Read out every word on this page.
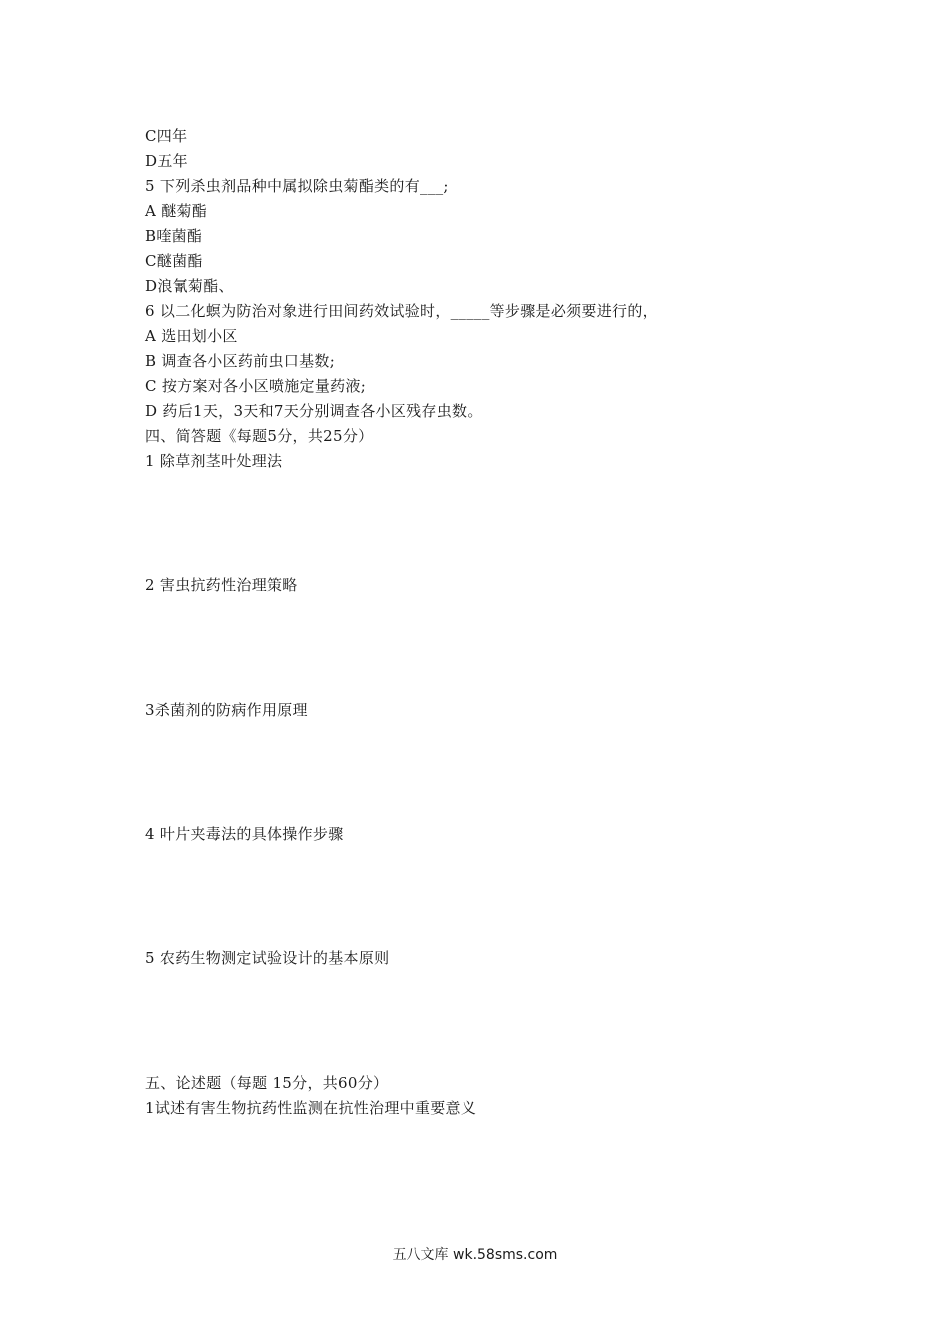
C四年
D五年
5 下列杀虫剂品种中属拟除虫菊酯类的有___;
A 醚菊酯
B喹菌酯
C醚菌酯
D浪氰菊酯、
6 以二化螟为防治对象进行田间药效试验时，_____等步骤是必须要进行的，
A 选田划小区
B 调查各小区药前虫口基数;
C 按方案对各小区喷施定量药液;
D 药后1天，3天和7天分别调查各小区残存虫数。
四、简答题《每题5分，共25分）
1 除草剂茎叶处理法
2 害虫抗药性治理策略
3杀菌剂的防病作用原理
4 叶片夹毒法的具体操作步骤
5 农药生物测定试验设计的基本原则
五、论述题（每题 15分，共60分）
1试述有害生物抗药性监测在抗性治理中重要意义
五八文库 wk.58sms.com
